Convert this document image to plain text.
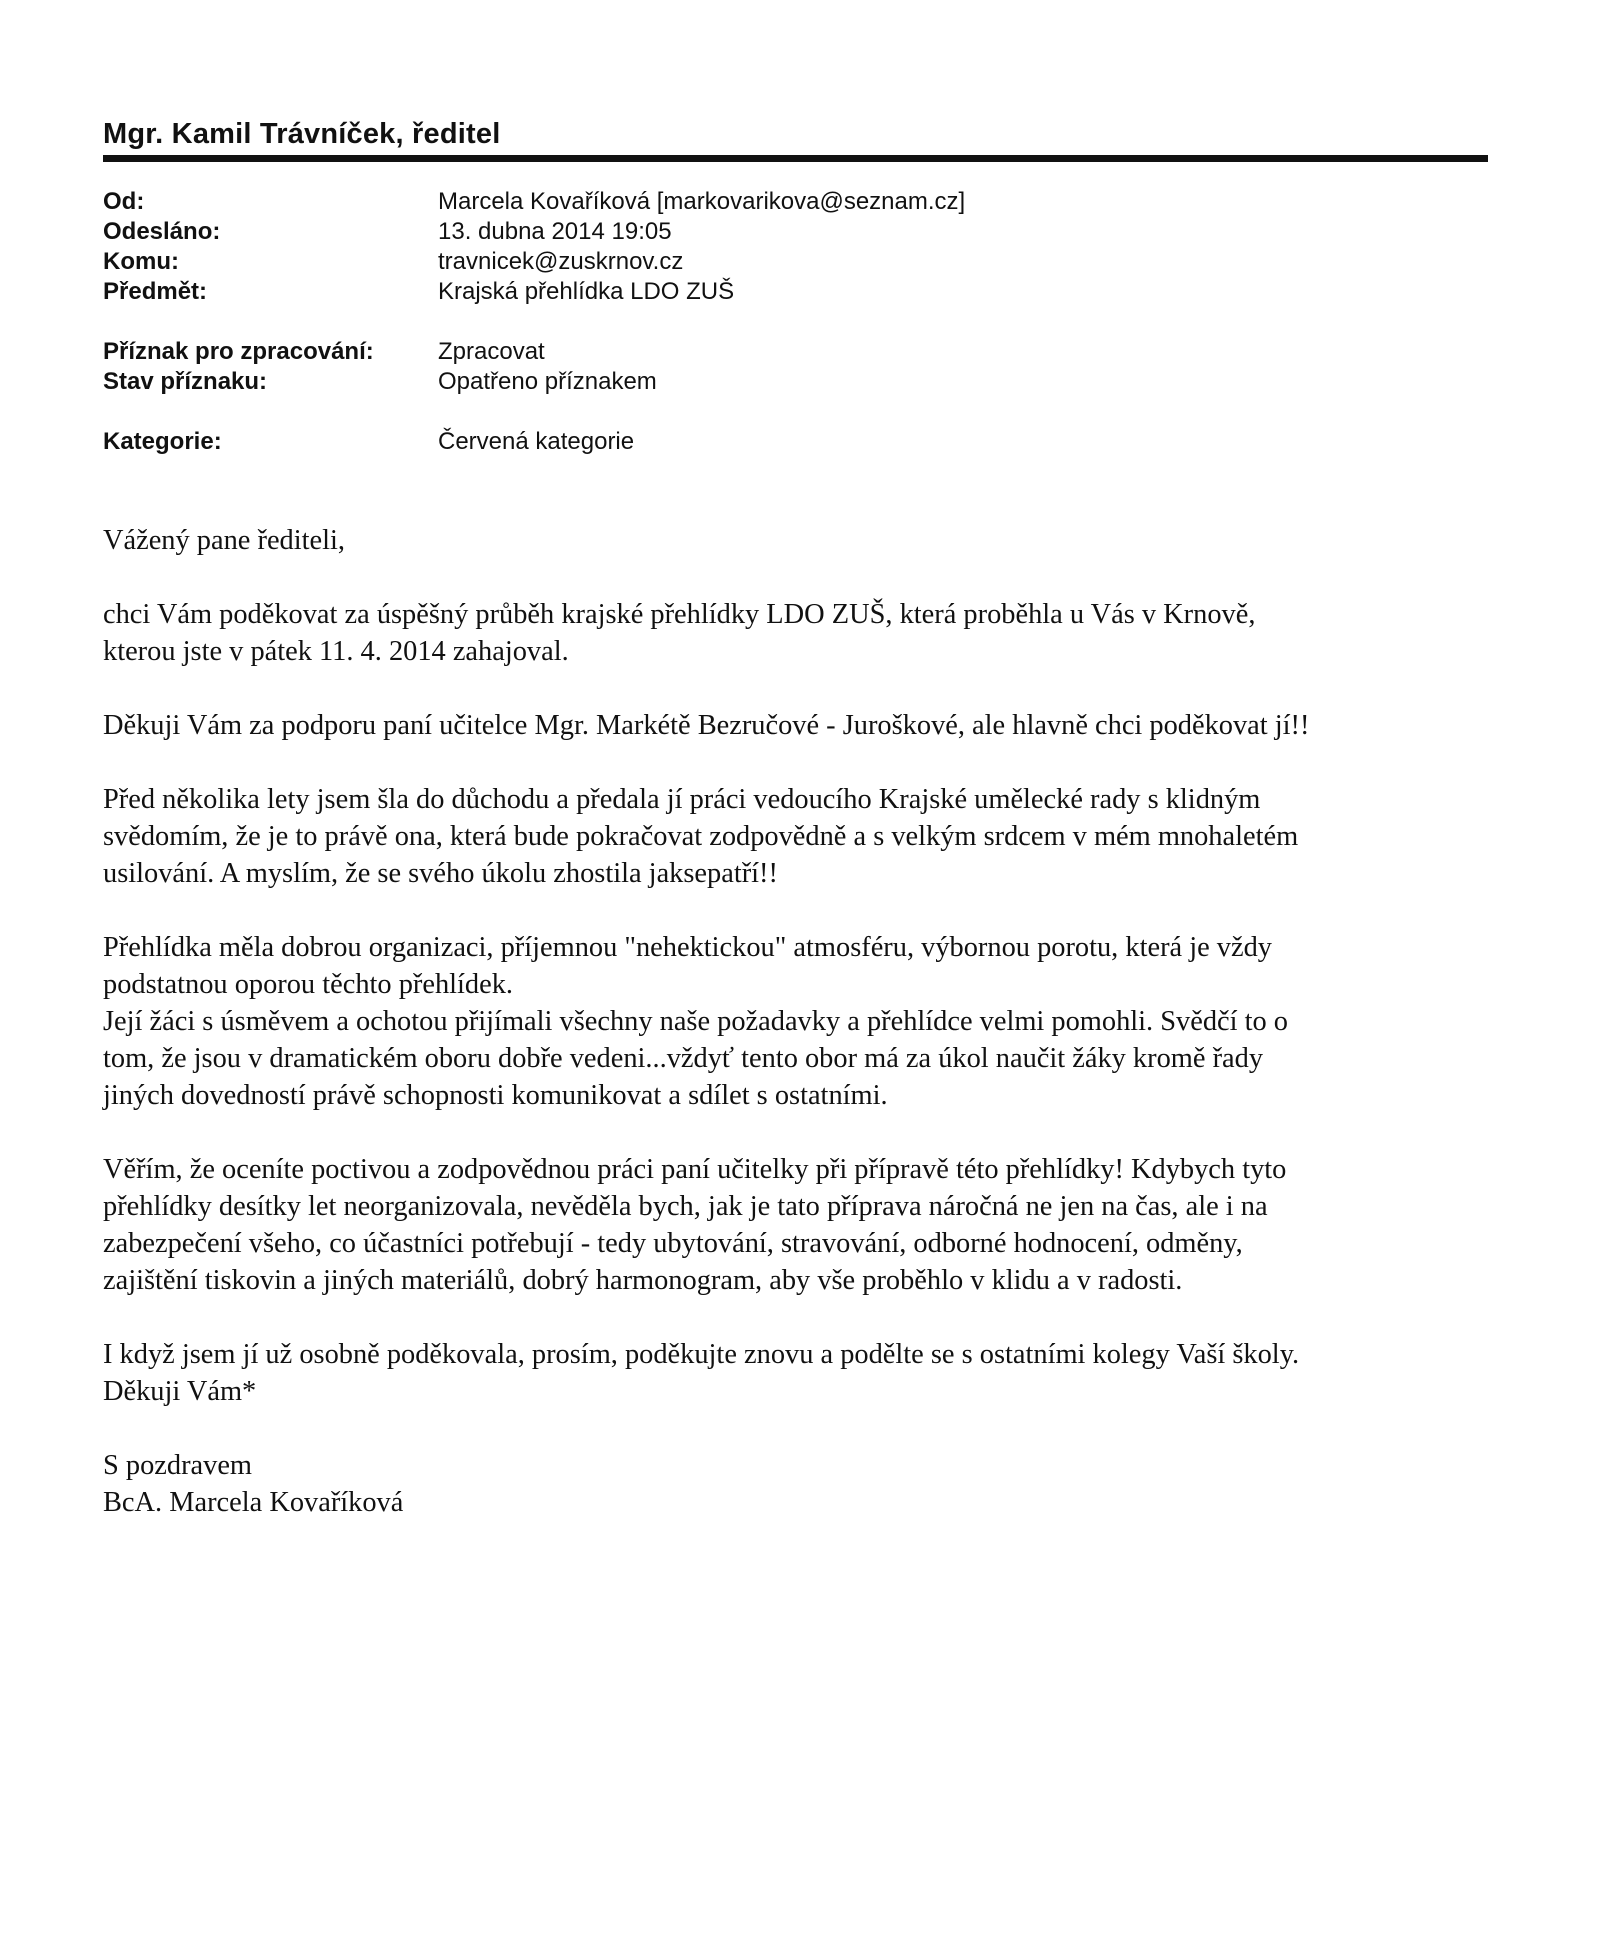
Mgr. Kamil Trávníček, ředitel
Od:	Marcela Kovaříková [markovarikova@seznam.cz]
Odesláno:	13. dubna 2014 19:05
Komu:	travnicek@zuskrnov.cz
Předmět:	Krajská přehlídka LDO ZUŠ
Příznak pro zpracování:	Zpracovat
Stav příznaku:	Opatřeno příznakem
Kategorie:	Červená kategorie

Vážený pane řediteli,

chci Vám poděkovat za úspěšný průběh krajské přehlídky LDO ZUŠ, která proběhla u Vás v Krnově,
kterou jste v pátek 11. 4. 2014 zahajoval.

Děkuji Vám za podporu paní učitelce Mgr. Markétě Bezručové - Juroškové, ale hlavně chci poděkovat jí!!

Před několika lety jsem šla do důchodu a předala jí práci vedoucího Krajské umělecké rady s klidným
svědomím, že je to právě ona, která bude pokračovat zodpovědně a s velkým srdcem v mém mnohaletém
usilování. A myslím, že se svého úkolu zhostila jaksepatří!!

Přehlídka měla dobrou organizaci, příjemnou "nehektickou" atmosféru, výbornou porotu, která je vždy
podstatnou oporou těchto přehlídek.
Její žáci s úsměvem a ochotou přijímali všechny naše požadavky a přehlídce velmi pomohli. Svědčí to o
tom, že jsou v dramatickém oboru dobře vedeni...vždyť tento obor má za úkol naučit žáky kromě řady
jiných dovedností právě schopnosti komunikovat a sdílet s ostatními.

Věřím, že oceníte poctivou a zodpovědnou práci paní učitelky při přípravě této přehlídky! Kdybych tyto
přehlídky desítky let neorganizovala, nevěděla bych, jak je tato příprava náročná ne jen na čas, ale i na
zabezpečení všeho, co účastníci potřebují - tedy ubytování, stravování, odborné hodnocení, odměny,
zajištění tiskovin a jiných materiálů, dobrý harmonogram, aby vše proběhlo v klidu a v radosti.

I když jsem jí už osobně poděkovala, prosím, poděkujte znovu a podělte se s ostatními kolegy Vaší školy.
Děkuji Vám*

S pozdravem
BcA. Marcela Kovaříková
